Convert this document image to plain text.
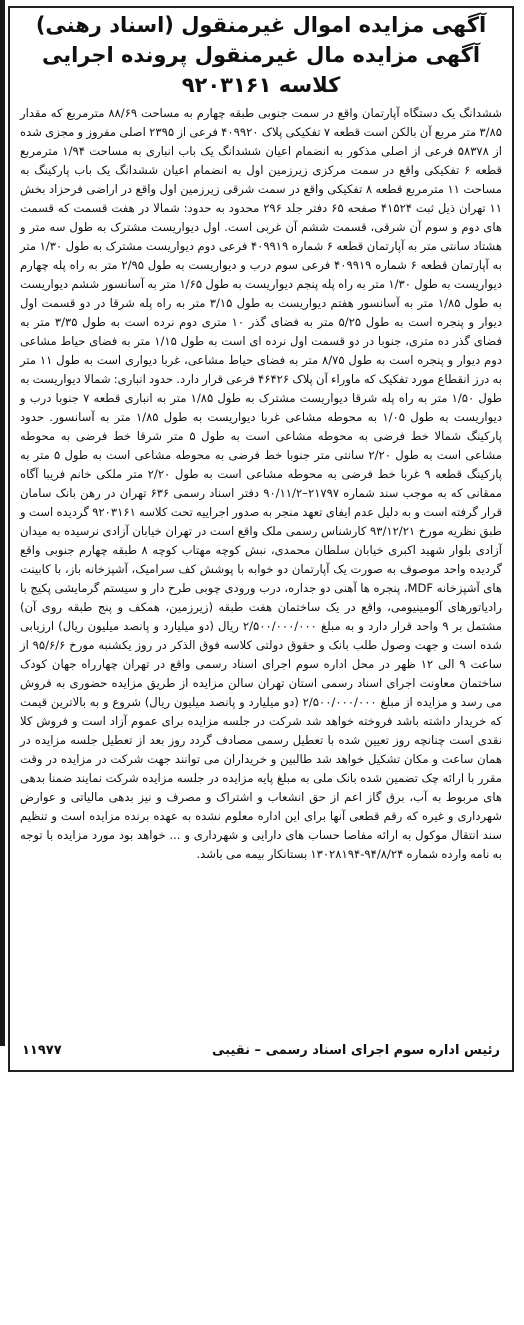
آگهی مزایده اموال غیرمنقول (اسناد رهنی)
آگهی مزایده مال غیرمنقول پرونده اجرایی
کلاسه ۹۲۰۳۱۶۱

ششدانگ یک دستگاه آپارتمان واقع در سمت جنوبی طبقه چهارم به مساحت ۸۸/۶۹ مترمربع که مقدار ۳/۸۵ متر مربع آن بالکن است قطعه ۷ تفکیکی پلاک ۴۰۹۹۲۰ فرعی از ۲۳۹۵ اصلی مفروز و مجزی شده از ۵۸۳۷۸ فرعی از اصلی مذکور به انضمام اعیان ششدانگ یک باب انباری به مساحت ۱/۹۴ مترمربع قطعه ۶ تفکیکی واقع در سمت مرکزی زیرزمین اول به انضمام اعیان ششدانگ یک باب پارکینگ به مساحت ۱۱ مترمربع قطعه ۸ تفکیکی واقع در سمت شرقی زیرزمین اول واقع در اراضی فرحزاد بخش ۱۱ تهران ذیل ثبت ۴۱۵۲۴ صفحه ۶۵ دفتر جلد ۲۹۶ محدود به حدود: شمالا در هفت قسمت که قسمت های دوم و سوم آن شرقی، قسمت ششم آن غربی است. اول دیواریست مشترک به طول سه متر و هشتاد سانتی متر به آپارتمان قطعه ۶ شماره ۴۰۹۹۱۹ فرعی دوم دیواریست مشترک به طول ۱/۳۰ متر به آپارتمان قطعه ۶ شماره ۴۰۹۹۱۹ فرعی سوم درب و دیواریست به طول ۲/۹۵ متر به راه پله چهارم دیواریست به طول ۱/۳۰ متر به راه پله پنجم دیواریست به طول ۱/۶۵ متر به آسانسور ششم دیواریست به طول ۱/۸۵ متر به آسانسور هفتم دیواریست به طول ۳/۱۵ متر به راه پله شرقا در دو قسمت اول دیوار و پنجره است به طول ۵/۲۵ متر به فضای گذر ۱۰ متری دوم نرده است به طول ۳/۳۵ متر به فضای گذر ده متری، جنوبا در دو قسمت اول نرده ای است به طول ۱/۱۵ متر به فضای حیاط مشاعی دوم دیوار و پنجره است به طول ۸/۷۵ متر به فضای حیاط مشاعی، غربا دیواری است به طول ۱۱ متر به درز انقطاع مورد تفکیک که ماوراء آن پلاک ۴۶۴۲۶ فرعی قرار دارد. حدود انباری: شمالا دیواریست به طول ۱/۵۰ متر به راه پله شرقا دیواریست مشترک به طول ۱/۸۵ متر به انباری قطعه ۷ جنوبا درب و دیواریست به طول ۱/۰۵ به محوطه مشاعی غربا دیواریست به طول ۱/۸۵ متر به آسانسور. حدود پارکینگ شمالا خط فرضی به محوطه مشاعی است به طول ۵ متر شرقا خط فرضی به محوطه مشاعی است به طول ۲/۲۰ سانتی متر جنوبا خط فرضی به محوطه مشاعی است به طول ۵ متر به پارکینگ قطعه ۹ غربا خط فرضی به محوطه مشاعی است به طول ۲/۲۰ متر ملکی خانم فریبا آگاه ممقانی که به موجب سند شماره ۲۱۷۹۷–۹۰/۱۱/۲ دفتر اسناد رسمی ۶۳۶ تهران در رهن بانک سامان قرار گرفته است و به دلیل عدم ایفای تعهد منجر به صدور اجراییه تحت کلاسه ۹۲۰۳۱۶۱ گردیده است و طبق نظریه مورخ ۹۳/۱۲/۲۱ کارشناس رسمی ملک واقع است در تهران خیابان آزادی نرسیده به میدان آزادی بلوار شهید اکبری خیابان سلطان محمدی، نبش کوچه مهتاب کوچه ۸ طبقه چهارم جنوبی واقع گردیده واحد موصوف به صورت یک آپارتمان دو خوابه با پوشش کف سرامیک، آشپزخانه باز، با کابینت های آشپزخانه MDF، پنجره ها آهنی دو جداره، درب ورودی چوبی طرح دار و سیستم گرمایشی پکیج با رادیاتورهای آلومینیومی، واقع در یک ساختمان هفت طبقه (زیرزمین، همکف و پنج طبقه روی آن) مشتمل بر ۹ واحد قرار دارد و به مبلغ ۲/۵۰۰/۰۰۰/۰۰۰ ریال (دو میلیارد و پانصد میلیون ریال) ارزیابی شده است و جهت وصول طلب بانک و حقوق دولتی کلاسه فوق الذکر در روز یکشنبه مورخ ۹۵/۶/۶ از ساعت ۹ الی ۱۲ ظهر در محل اداره سوم اجرای اسناد رسمی واقع در تهران چهارراه جهان کودک ساختمان معاونت اجرای اسناد رسمی استان تهران سالن مزایده از طریق مزایده حضوری به فروش می رسد و مزایده از مبلغ ۲/۵۰۰/۰۰۰/۰۰۰ (دو میلیارد و پانصد میلیون ریال) شروع و به بالاترین قیمت که خریدار داشته باشد فروخته خواهد شد شرکت در جلسه مزایده برای عموم آزاد است و فروش کلا نقدی است چنانچه روز تعیین شده با تعطیل رسمی مصادف گردد روز بعد از تعطیل جلسه مزایده در همان ساعت و مکان تشکیل خواهد شد طالبین و خریداران می توانند جهت شرکت در مزایده در وقت مقرر با ارائه چک تضمین شده بانک ملی به مبلغ پایه مزایده در جلسه مزایده شرکت نمایند ضمنا بدهی های مربوط به آب، برق گاز اعم از حق انشعاب و اشتراک و مصرف و نیز بدهی مالیاتی و عوارض شهرداری و غیره که رقم قطعی آنها برای این اداره معلوم نشده به عهده برنده مزایده است و تنظیم سند انتقال موکول به ارائه مفاصا حساب های دارایی و شهرداری و ... خواهد بود مورد مزایده با توجه به نامه وارده شماره ۹۴/۸/۲۴-۱۳۰۲۸۱۹۴ بستانکار بیمه می باشد.

رئیس اداره سوم اجرای اسناد رسمی – نقیبی
۱۱۹۷۷
